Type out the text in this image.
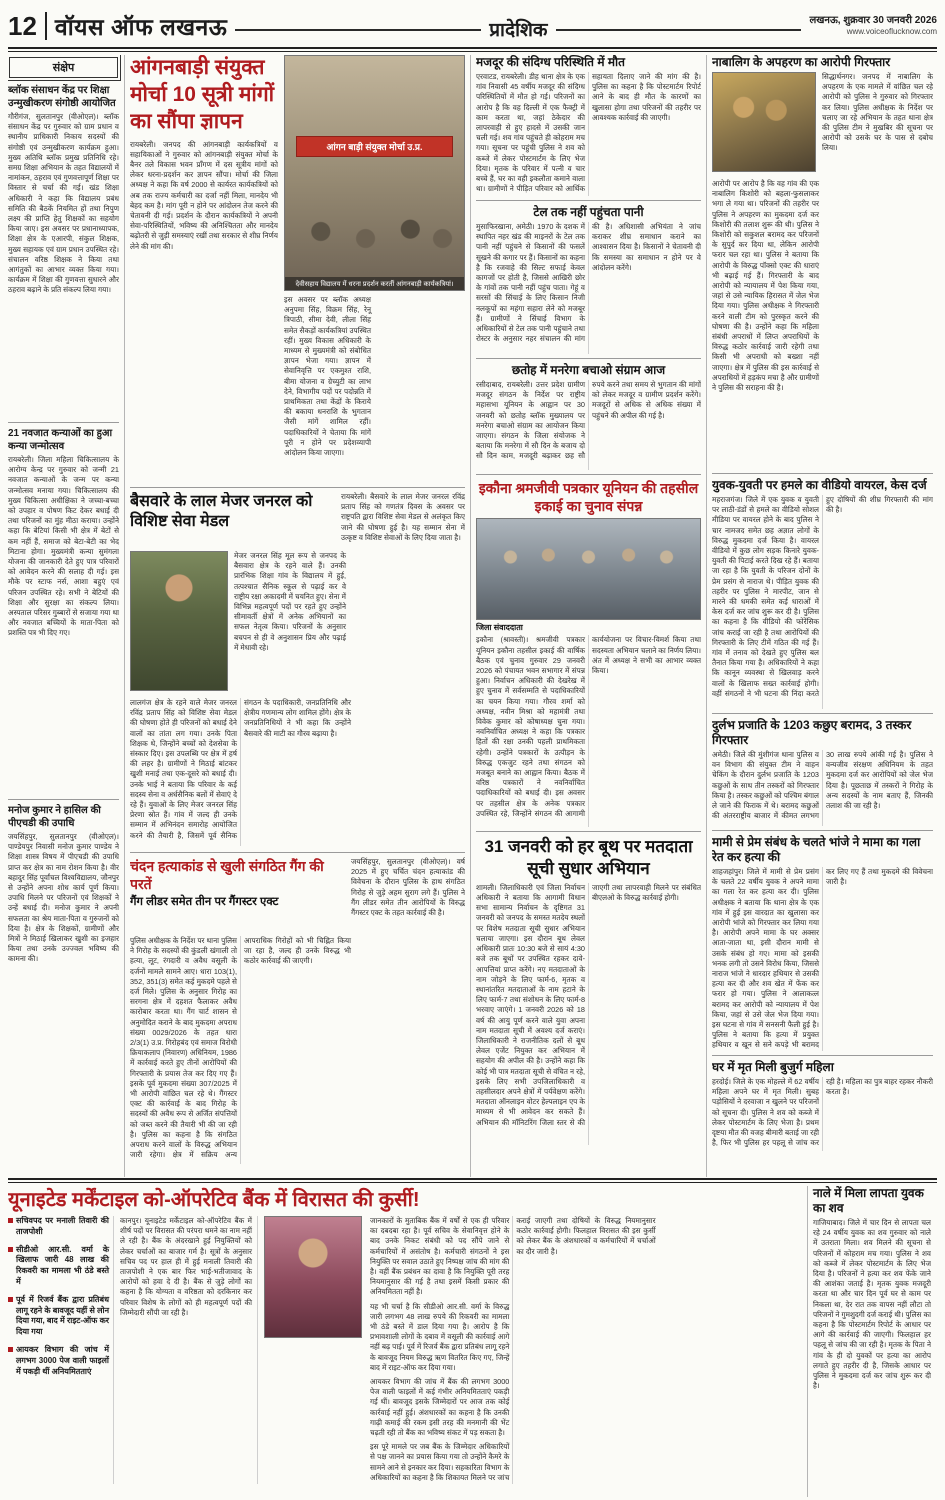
12 वॉयस ऑफ लखनऊ	प्रादेशिक	लखनऊ, शुक्रवार 30 जनवरी 2026
www.voiceoflucknow.com
संक्षेप
ब्लॉक संसाधन केंद्र पर शिक्षा उन्मुखीकरण संगोष्ठी आयोजित
गौरीगंज, सुलतानपुर (वीओएल)। ब्लॉक संसाधन केंद्र पर गुरुवार को ग्राम प्रधान व स्थानीय प्राधिकारी निकाय सदस्यों की संगोष्ठी एवं उन्मुखीकरण कार्यक्रम हुआ। मुख्य अतिथि ब्लॉक प्रमुख प्रतिनिधि रहे। समग्र शिक्षा अभियान के तहत विद्यालयों में नामांकन, ठहराव एवं गुणवत्तापूर्ण शिक्षा पर विस्तार से चर्चा की गई। खंड शिक्षा अधिकारी ने कहा कि विद्यालय प्रबंध समिति की बैठकें नियमित हों तथा निपुण लक्ष्य की प्राप्ति हेतु शिक्षकों का सहयोग किया जाए। इस अवसर पर प्रधानाध्यापक, शिक्षा क्षेत्र के एआरपी, संकुल शिक्षक, मुख्य सहायक एवं ग्राम प्रधान उपस्थित रहे। संचालन वरिष्ठ शिक्षक ने किया तथा आगंतुकों का आभार व्यक्त किया गया। कार्यक्रम में शिक्षा की गुणवत्ता सुधारने और ठहराव बढ़ाने के प्रति संकल्प लिया गया।
21 नवजात कन्याओं का हुआ कन्या जन्मोत्सव
रायबरेली। जिला महिला चिकित्सालय के आरोग्य केन्द्र पर गुरुवार को जन्मी 21 नवजात कन्याओं के जन्म पर कन्या जन्मोत्सव मनाया गया। चिकित्सालय की मुख्य चिकित्सा अधीक्षिका ने जच्चा-बच्चा को उपहार व पोषण किट देकर बधाई दी तथा परिजनों का मुंह मीठा कराया। उन्होंने कहा कि बेटियां किसी भी क्षेत्र में बेटों से कम नहीं हैं, समाज को बेटा-बेटी का भेद मिटाना होगा। मुख्यमंत्री कन्या सुमंगला योजना की जानकारी देते हुए पात्र परिवारों को आवेदन करने की सलाह दी गई। इस मौके पर स्टाफ नर्स, आशा बहुएं एवं परिजन उपस्थित रहे। सभी ने बेटियों की शिक्षा और सुरक्षा का संकल्प लिया। अस्पताल परिसर गुब्बारों से सजाया गया था और नवजात बच्चियों के माता-पिता को प्रशस्ति पत्र भी दिए गए।
मनोज कुमार ने हासिल की पीएचडी की उपाधि
जयसिंहपुर, सुलतानपुर (वीओएल)। पाण्डेयपुर निवासी मनोज कुमार पाण्डेय ने शिक्षा शास्त्र विषय में पीएचडी की उपाधि प्राप्त कर क्षेत्र का नाम रोशन किया है। वीर बहादुर सिंह पूर्वांचल विश्वविद्यालय, जौनपुर से उन्होंने अपना शोध कार्य पूर्ण किया। उपाधि मिलने पर परिजनों एवं शिक्षकों ने उन्हें बधाई दी। मनोज कुमार ने अपनी सफलता का श्रेय माता-पिता व गुरुजनों को दिया है। क्षेत्र के शिक्षकों, ग्रामीणों और मित्रों ने मिठाई खिलाकर खुशी का इजहार किया तथा उनके उज्ज्वल भविष्य की कामना की।
आंगनबाड़ी संयुक्त मोर्चा 10 सूत्री मांगों का सौंपा ज्ञापन
रायबरेली। जनपद की आंगनबाड़ी कार्यकत्रियों व सहायिकाओं ने गुरुवार को आंगनबाड़ी संयुक्त मोर्चा के बैनर तले विकास भवन प्राँगण में दस सूत्रीय मांगों को लेकर धरना-प्रदर्शन कर ज्ञापन सौंपा। मोर्चा की जिला अध्यक्ष ने कहा कि वर्ष 2000 से कार्यरत कार्यकत्रियों को अब तक राज्य कर्मचारी का दर्जा नहीं मिला, मानदेय भी बेहद कम है। मांग पूरी न होने पर आंदोलन तेज करने की चेतावनी दी गई। प्रदर्शन के दौरान कार्यकत्रियों ने अपनी सेवा-परिस्थितियों, भविष्य की अनिश्चितता और मानदेय बढ़ोतरी से जुड़ी समस्याएं रखीं तथा सरकार से शीघ्र निर्णय लेने की मांग की।
आंगन बाड़ी संयुक्त मोर्चा उ.प्र.
देवीसहाय विद्यालय में धरना प्रदर्शन करतीं आंगनबाड़ी कार्यकत्रियां।
इस अवसर पर ब्लॉक अध्यक्ष अनुपमा सिंह, विक्रम सिंह, रेनू त्रिपाठी, सीमा देवी, लीला सिंह समेत सैकड़ों कार्यकत्रियां उपस्थित रहीं। मुख्य विकास अधिकारी के माध्यम से मुख्यमंत्री को संबोधित ज्ञापन भेजा गया। ज्ञापन में सेवानिवृत्ति पर एकमुश्त राशि, बीमा योजना व ग्रेच्युटी का लाभ देने, विभागीय पदों पर पदोन्नति में प्राथमिकता तथा केंद्रों के किराये की बकाया धनराशि के भुगतान जैसी मांगें शामिल रहीं। पदाधिकारियों ने चेताया कि मांगें पूरी न होने पर प्रदेशव्यापी आंदोलन किया जाएगा।
बैसवारे के लाल मेजर जनरल को विशिष्ट सेवा मेडल
रायबरेली। बैसवारे के लाल मेजर जनरल रविंद्र प्रताप सिंह को गणतंत्र दिवस के अवसर पर राष्ट्रपति द्वारा विशिष्ट सेवा मेडल से अलंकृत किए जाने की घोषणा हुई है। यह सम्मान सेना में उत्कृष्ट व विशिष्ट सेवाओं के लिए दिया जाता है।
मेजर जनरल सिंह मूल रूप से जनपद के बैसवारा क्षेत्र के रहने वाले हैं। उनकी प्रारंभिक शिक्षा गांव के विद्यालय में हुई, तत्पश्चात सैनिक स्कूल से पढ़ाई कर वे राष्ट्रीय रक्षा अकादमी में चयनित हुए। सेना में विभिन्न महत्वपूर्ण पदों पर रहते हुए उन्होंने सीमावर्ती क्षेत्रों में अनेक अभियानों का सफल नेतृत्व किया। परिजनों के अनुसार बचपन से ही वे अनुशासन प्रिय और पढ़ाई में मेधावी रहे।
लालगंज क्षेत्र के रहने वाले मेजर जनरल रविंद्र प्रताप सिंह को विशिष्ट सेवा मेडल की घोषणा होते ही परिजनों को बधाई देने वालों का तांता लग गया। उनके पिता शिक्षक थे, जिन्होंने बच्चों को देशसेवा के संस्कार दिए। इस उपलब्धि पर क्षेत्र में हर्ष की लहर है। ग्रामीणों ने मिठाई बांटकर खुशी मनाई तथा एक-दूसरे को बधाई दी। उनके भाई ने बताया कि परिवार के कई सदस्य सेना व अर्धसैनिक बलों में सेवाएं दे रहे हैं। युवाओं के लिए मेजर जनरल सिंह प्रेरणा स्रोत हैं। गांव में जल्द ही उनके सम्मान में अभिनंदन समारोह आयोजित करने की तैयारी है, जिसमें पूर्व सैनिक संगठन के पदाधिकारी, जनप्रतिनिधि और क्षेत्रीय गणमान्य लोग शामिल होंगे। क्षेत्र के जनप्रतिनिधियों ने भी कहा कि उन्होंने बैसवारे की माटी का गौरव बढ़ाया है।
चंदन हत्याकांड से खुली संगठित गैंग की परतें
गैंग लीडर समेत तीन पर गैंगस्टर एक्ट
जयसिंहपुर, सुलतानपुर (वीओएल)। वर्ष 2025 में हुए चर्चित चंदन हत्याकांड की विवेचना के दौरान पुलिस के हाथ संगठित गिरोह से जुड़े अहम सुराग लगे हैं। पुलिस ने गैंग लीडर समेत तीन आरोपियों के विरुद्ध गैंगस्टर एक्ट के तहत कार्रवाई की है।
पुलिस अधीक्षक के निर्देश पर थाना पुलिस ने गिरोह के सदस्यों की कुंडली खंगाली तो हत्या, लूट, रंगदारी व अवैध वसूली के दर्जनों मामले सामने आए। धारा 103(1), 352, 351(3) समेत कई मुकदमे पहले से दर्ज मिले। पुलिस के अनुसार गिरोह का सरगना क्षेत्र में दहशत फैलाकर अवैध कारोबार करता था। गैंग चार्ट शासन से अनुमोदित कराने के बाद मुकदमा अपराध संख्या 0029/2026 के तहत धारा 2/3(1) उ.प्र. गिरोहबंद एवं समाज विरोधी क्रियाकलाप (निवारण) अधिनियम, 1986 में कार्रवाई करते हुए तीनों आरोपियों की गिरफ्तारी के प्रयास तेज कर दिए गए हैं। इसके पूर्व मुकदमा संख्या 307/2025 में भी आरोपी वांछित चल रहे थे। गैंगस्टर एक्ट की कार्रवाई के बाद गिरोह के सदस्यों की अवैध रूप से अर्जित संपत्तियों को जब्त करने की तैयारी भी की जा रही है। पुलिस का कहना है कि संगठित अपराध करने वालों के विरुद्ध अभियान जारी रहेगा। क्षेत्र में सक्रिय अन्य आपराधिक गिरोहों को भी चिह्नित किया जा रहा है, जल्द ही उनके विरुद्ध भी कठोर कार्रवाई की जाएगी।
मजदूर की संदिग्ध परिस्थिति में मौत
एरवाटड, रायबरेली। डीह थाना क्षेत्र के एक गांव निवासी 45 वर्षीय मजदूर की संदिग्ध परिस्थितियों में मौत हो गई। परिजनों का आरोप है कि वह दिल्ली में एक फैक्ट्री में काम करता था, जहां ठेकेदार की लापरवाही से हुए हादसे में उसकी जान चली गई। शव गांव पहुंचते ही कोहराम मच गया। सूचना पर पहुंची पुलिस ने शव को कब्जे में लेकर पोस्टमार्टम के लिए भेज दिया। मृतक के परिवार में पत्नी व चार बच्चे हैं, घर का वही इकलौता कमाने वाला था। ग्रामीणों ने पीड़ित परिवार को आर्थिक सहायता दिलाए जाने की मांग की है। पुलिस का कहना है कि पोस्टमार्टम रिपोर्ट आने के बाद ही मौत के कारणों का खुलासा होगा तथा परिजनों की तहरीर पर आवश्यक कार्रवाई की जाएगी।
टेल तक नहीं पहुंचता पानी
मुसाफिरखाना, अमेठी। 1970 के दशक में स्थापित नहर खंड की माइनरों के टेल तक पानी नहीं पहुंचने से किसानों की फसलें सूखने की कगार पर हैं। किसानों का कहना है कि रजवाहे की सिल्ट सफाई केवल कागजों पर होती है, जिससे आखिरी छोर के गांवों तक पानी नहीं पहुंच पाता। गेहूं व सरसों की सिंचाई के लिए किसान निजी नलकूपों का महंगा सहारा लेने को मजबूर हैं। ग्रामीणों ने सिंचाई विभाग के अधिकारियों से टेल तक पानी पहुंचाने तथा रोस्टर के अनुसार नहर संचालन की मांग की है। अधिशासी अभियंता ने जांच कराकर शीघ्र समाधान कराने का आश्वासन दिया है। किसानों ने चेतावनी दी कि समस्या का समाधान न होने पर वे आंदोलन करेंगे।
छतोह में मनरेगा बचाओ संग्राम आज
रसीदाबाद, रायबरेली। उत्तर प्रदेश ग्रामीण मजदूर संगठन के निर्देश पर राष्ट्रीय महासभा यूनियन के आह्वान पर 30 जनवरी को छतोह ब्लॉक मुख्यालय पर मनरेगा बचाओ संग्राम का आयोजन किया जाएगा। संगठन के जिला संयोजक ने बताया कि मनरेगा में सौ दिन के बजाय दो सौ दिन काम, मजदूरी बढ़ाकर छह सौ रुपये करने तथा समय से भुगतान की मांगों को लेकर मजदूर व ग्रामीण प्रदर्शन करेंगे। मजदूरों से अधिक से अधिक संख्या में पहुंचने की अपील की गई है।
इकौना श्रमजीवी पत्रकार यूनियन की तहसील इकाई का चुनाव संपन्न
जिला संवाददाता
इकौना (श्रावस्ती)। श्रमजीवी पत्रकार यूनियन इकौना तहसील इकाई की वार्षिक बैठक एवं चुनाव गुरुवार 29 जनवरी 2026 को पंचायत भवन सभागार में संपन्न हुआ। निर्वाचन अधिकारी की देखरेख में हुए चुनाव में सर्वसम्मति से पदाधिकारियों का चयन किया गया। गौरव शर्मा को अध्यक्ष, नवीन मिश्रा को महामंत्री तथा विवेक कुमार को कोषाध्यक्ष चुना गया। नवनिर्वाचित अध्यक्ष ने कहा कि पत्रकार हितों की रक्षा उनकी पहली प्राथमिकता रहेगी। उन्होंने पत्रकारों के उत्पीड़न के विरुद्ध एकजुट रहने तथा संगठन को मजबूत बनाने का आह्वान किया। बैठक में वरिष्ठ पत्रकारों ने नवनिर्वाचित पदाधिकारियों को बधाई दी। इस अवसर पर तहसील क्षेत्र के अनेक पत्रकार उपस्थित रहे, जिन्होंने संगठन की आगामी कार्ययोजना पर विचार-विमर्श किया तथा सदस्यता अभियान चलाने का निर्णय लिया। अंत में अध्यक्ष ने सभी का आभार व्यक्त किया।
31 जनवरी को हर बूथ पर मतदाता सूची सुधार अभियान
शामली। जिलाधिकारी एवं जिला निर्वाचन अधिकारी ने बताया कि आगामी विधान सभा सामान्य निर्वाचन के दृष्टिगत 31 जनवरी को जनपद के समस्त मतदेय स्थलों पर विशेष मतदाता सूची सुधार अभियान चलाया जाएगा। इस दौरान बूथ लेवल अधिकारी प्रातः 10:30 बजे से सायं 4:30 बजे तक बूथों पर उपस्थित रहकर दावे-आपत्तियां प्राप्त करेंगे। नए मतदाताओं के नाम जोड़ने के लिए फार्म-6, मृतक व स्थानांतरित मतदाताओं के नाम हटाने के लिए फार्म-7 तथा संशोधन के लिए फार्म-8 भरवाए जाएंगे। 1 जनवरी 2026 को 18 वर्ष की आयु पूर्ण करने वाले युवा अपना नाम मतदाता सूची में अवश्य दर्ज कराएं। जिलाधिकारी ने राजनीतिक दलों से बूथ लेवल एजेंट नियुक्त कर अभियान में सहयोग की अपील की है। उन्होंने कहा कि कोई भी पात्र मतदाता सूची से वंचित न रहे, इसके लिए सभी उपजिलाधिकारी व तहसीलदार अपने क्षेत्रों में पर्यवेक्षण करेंगे। मतदाता ऑनलाइन वोटर हेल्पलाइन एप के माध्यम से भी आवेदन कर सकते हैं। अभियान की मॉनिटरिंग जिला स्तर से की जाएगी तथा लापरवाही मिलने पर संबंधित बीएलओ के विरुद्ध कार्रवाई होगी।
नाबालिग के अपहरण का आरोपी गिरफ्तार
सिद्धार्थनगर। जनपद में नाबालिग के अपहरण के एक मामले में वांछित चल रहे आरोपी को पुलिस ने गुरुवार को गिरफ्तार कर लिया। पुलिस अधीक्षक के निर्देश पर चलाए जा रहे अभियान के तहत थाना क्षेत्र की पुलिस टीम ने मुखबिर की सूचना पर आरोपी को उसके घर के पास से दबोच लिया।
आरोपी पर आरोप है कि वह गांव की एक नाबालिग किशोरी को बहला-फुसलाकर भगा ले गया था। परिजनों की तहरीर पर पुलिस ने अपहरण का मुकदमा दर्ज कर किशोरी की तलाश शुरू की थी। पुलिस ने किशोरी को सकुशल बरामद कर परिजनों के सुपुर्द कर दिया था, लेकिन आरोपी फरार चल रहा था। पुलिस ने बताया कि आरोपी के विरुद्ध पॉक्सो एक्ट की धाराएं भी बढ़ाई गई हैं। गिरफ्तारी के बाद आरोपी को न्यायालय में पेश किया गया, जहां से उसे न्यायिक हिरासत में जेल भेज दिया गया। पुलिस अधीक्षक ने गिरफ्तारी करने वाली टीम को पुरस्कृत करने की घोषणा की है। उन्होंने कहा कि महिला संबंधी अपराधों में लिप्त अपराधियों के विरुद्ध कठोर कार्रवाई जारी रहेगी तथा किसी भी अपराधी को बख्शा नहीं जाएगा। क्षेत्र में पुलिस की इस कार्रवाई से अपराधियों में हड़कंप मचा है और ग्रामीणों ने पुलिस की सराहना की है।
युवक-युवती पर हमले का वीडियो वायरल, केस दर्ज
महराजगंज। जिले में एक युवक व युवती पर लाठी-डंडों से हमले का वीडियो सोशल मीडिया पर वायरल होने के बाद पुलिस ने चार नामजद समेत छह अज्ञात लोगों के विरुद्ध मुकदमा दर्ज किया है। वायरल वीडियो में कुछ लोग सड़क किनारे युवक-युवती की पिटाई करते दिख रहे हैं। बताया जा रहा है कि युवती के परिजन दोनों के प्रेम प्रसंग से नाराज थे। पीड़ित युवक की तहरीर पर पुलिस ने मारपीट, जान से मारने की धमकी समेत कई धाराओं में केस दर्ज कर जांच शुरू कर दी है। पुलिस का कहना है कि वीडियो की फोरेंसिक जांच कराई जा रही है तथा आरोपियों की गिरफ्तारी के लिए टीमें गठित की गई हैं। गांव में तनाव को देखते हुए पुलिस बल तैनात किया गया है। अधिकारियों ने कहा कि कानून व्यवस्था से खिलवाड़ करने वालों के खिलाफ सख्त कार्रवाई होगी। वहीं संगठनों ने भी घटना की निंदा करते हुए दोषियों की शीघ्र गिरफ्तारी की मांग की है।
दुर्लभ प्रजाति के 1203 कछुए बरामद, 3 तस्कर गिरफ्तार
अमेठी। जिले की मुंशीगंज थाना पुलिस व वन विभाग की संयुक्त टीम ने वाहन चेकिंग के दौरान दुर्लभ प्रजाति के 1203 कछुओं के साथ तीन तस्करों को गिरफ्तार किया है। तस्कर कछुओं को पश्चिम बंगाल ले जाने की फिराक में थे। बरामद कछुओं की अंतरराष्ट्रीय बाजार में कीमत लगभग 30 लाख रुपये आंकी गई है। पुलिस ने वन्यजीव संरक्षण अधिनियम के तहत मुकदमा दर्ज कर आरोपियों को जेल भेज दिया है। पूछताछ में तस्करों ने गिरोह के अन्य सदस्यों के नाम बताए हैं, जिनकी तलाश की जा रही है।
मामी से प्रेम संबंध के चलते भांजे ने मामा का गला रेत कर हत्या की
शाहजहांपुर। जिले में मामी से प्रेम प्रसंग के चलते 22 वर्षीय युवक ने अपने मामा का गला रेत कर हत्या कर दी। पुलिस अधीक्षक ने बताया कि थाना क्षेत्र के एक गांव में हुई इस वारदात का खुलासा कर आरोपी भांजे को गिरफ्तार कर लिया गया है। आरोपी अपने मामा के घर अक्सर आता-जाता था, इसी दौरान मामी से उसके संबंध हो गए। मामा को इसकी भनक लगी तो उसने विरोध किया, जिससे नाराज भांजे ने धारदार हथियार से उसकी हत्या कर दी और शव खेत में फेंक कर फरार हो गया। पुलिस ने आलाकत्ल बरामद कर आरोपी को न्यायालय में पेश किया, जहां से उसे जेल भेज दिया गया। इस घटना से गांव में सनसनी फैली हुई है। पुलिस ने बताया कि हत्या में प्रयुक्त हथियार व खून से सने कपड़े भी बरामद कर लिए गए हैं तथा मुकदमे की विवेचना जारी है।
घर में मृत मिली बुजुर्ग महिला
हरदोई। जिले के एक मोहल्ले में 62 वर्षीय महिला अपने घर में मृत मिली। सुबह पड़ोसियों ने दरवाजा न खुलने पर परिजनों को सूचना दी। पुलिस ने शव को कब्जे में लेकर पोस्टमार्टम के लिए भेजा है। प्रथम दृष्टया मौत की वजह बीमारी बताई जा रही है, फिर भी पुलिस हर पहलू से जांच कर रही है। महिला का पुत्र बाहर रहकर नौकरी करता है।
यूनाइटेड मर्केंटाइल को-ऑपरेटिव बैंक में विरासत की कुर्सी!
सचिवपद पर मनाली तिवारी की ताजपोशी
सीडीओ आर.सी. वर्मा के खिलाफ जारी 48 लाख की रिकवरी का मामला भी ठंडे बस्ते में
पूर्व में रिजर्व बैंक द्वारा प्रतिबंध लागू रहने के बावजूद यहीं से लोन दिया गया, बाद में राइट-ऑफ कर दिया गया
आयकर विभाग की जांच में लगभग 3000 पेज वाली फाइलों में पकड़ी थीं अनियमितताएं
कानपुर। यूनाइटेड मर्केंटाइल को-ऑपरेटिव बैंक में शीर्ष पदों पर विरासत की परंपरा थमने का नाम नहीं ले रही है। बैंक के अंदरखाने हुई नियुक्तियों को लेकर चर्चाओं का बाजार गर्म है। सूत्रों के अनुसार सचिव पद पर हाल ही में हुई मनाली तिवारी की ताजपोशी ने एक बार फिर भाई-भतीजावाद के आरोपों को हवा दे दी है। बैंक से जुड़े लोगों का कहना है कि योग्यता व वरिष्ठता को दरकिनार कर परिवार विशेष के लोगों को ही महत्वपूर्ण पदों की जिम्मेदारी सौंपी जा रही है।
जानकारों के मुताबिक बैंक में वर्षों से एक ही परिवार का दबदबा रहा है। पूर्व सचिव के सेवानिवृत्त होने के बाद उनके निकट संबंधी को पद सौंपे जाने से कर्मचारियों में असंतोष है। कर्मचारी संगठनों ने इस नियुक्ति पर सवाल उठाते हुए निष्पक्ष जांच की मांग की है। वहीं बैंक प्रबंधन का दावा है कि नियुक्ति पूरी तरह नियमानुसार की गई है तथा इसमें किसी प्रकार की अनियमितता नहीं है।
यह भी चर्चा है कि सीडीओ आर.सी. वर्मा के विरुद्ध जारी लगभग 48 लाख रुपये की रिकवरी का मामला भी ठंडे बस्ते में डाल दिया गया है। आरोप है कि प्रभावशाली लोगों के दबाव में वसूली की कार्रवाई आगे नहीं बढ़ पाई। पूर्व में रिजर्व बैंक द्वारा प्रतिबंध लागू रहने के बावजूद नियम विरुद्ध ऋण वितरित किए गए, जिन्हें बाद में राइट-ऑफ कर दिया गया।
आयकर विभाग की जांच में बैंक की लगभग 3000 पेज वाली फाइलों में कई गंभीर अनियमितताएं पकड़ी गई थीं। बावजूद इसके जिम्मेदारों पर आज तक कोई कार्रवाई नहीं हुई। अंशधारकों का कहना है कि उनकी गाढ़ी कमाई की रकम इसी तरह की मनमानी की भेंट चढ़ती रही तो बैंक का भविष्य संकट में पड़ सकता है।
इस पूरे मामले पर जब बैंक के जिम्मेदार अधिकारियों से पक्ष जानने का प्रयास किया गया तो उन्होंने कैमरे के सामने आने से इनकार कर दिया। सहकारिता विभाग के अधिकारियों का कहना है कि शिकायत मिलने पर जांच कराई जाएगी तथा दोषियों के विरुद्ध नियमानुसार कठोर कार्रवाई होगी। फिलहाल विरासत की इस कुर्सी को लेकर बैंक के अंशधारकों व कर्मचारियों में चर्चाओं का दौर जारी है।
नाले में मिला लापता युवक का शव
गाजियाबाद। जिले में चार दिन से लापता चल रहे 24 वर्षीय युवक का शव गुरुवार को नाले में उतराता मिला। शव मिलने की सूचना से परिजनों में कोहराम मच गया। पुलिस ने शव को कब्जे में लेकर पोस्टमार्टम के लिए भेज दिया है। परिजनों ने हत्या कर शव फेंके जाने की आशंका जताई है। मृतक युवक मजदूरी करता था और चार दिन पूर्व घर से काम पर निकला था, देर रात तक वापस नहीं लौटा तो परिजनों ने गुमशुदगी दर्ज कराई थी। पुलिस का कहना है कि पोस्टमार्टम रिपोर्ट के आधार पर आगे की कार्रवाई की जाएगी। फिलहाल हर पहलू से जांच की जा रही है। मृतक के पिता ने गांव के ही दो युवकों पर हत्या का आरोप लगाते हुए तहरीर दी है, जिसके आधार पर पुलिस ने मुकदमा दर्ज कर जांच शुरू कर दी है।
